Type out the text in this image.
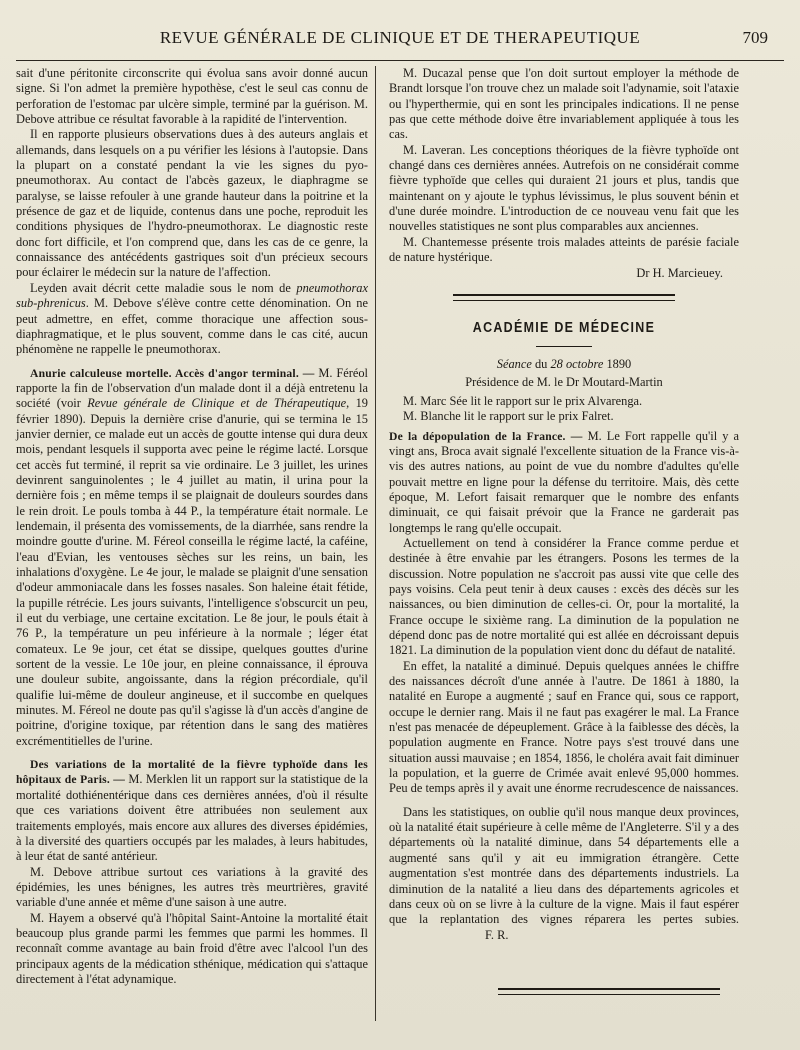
REVUE GÉNÉRALE DE CLINIQUE ET DE THERAPEUTIQUE	709

sait d'une péritonite circonscrite qui évolua sans avoir donné aucun signe. Si l'on admet la première hypothèse, c'est le seul cas connu de perforation de l'estomac par ulcère simple, terminé par la guérison. M. Debove attribue ce résultat favorable à la rapidité de l'intervention.

Il en rapporte plusieurs observations dues à des auteurs anglais et allemands, dans lesquels on a pu vérifier les lésions à l'autopsie. Dans la plupart on a constaté pendant la vie les signes du pyo-pneumothorax. Au contact de l'abcès gazeux, le diaphragme se paralyse, se laisse refouler à une grande hauteur dans la poitrine et la présence de gaz et de liquide, contenus dans une poche, reproduit les conditions physiques de l'hydro-pneumothorax. Le diagnostic reste donc fort difficile, et l'on comprend que, dans les cas de ce genre, la connaissance des antécédents gastriques soit d'un précieux secours pour éclairer le médecin sur la nature de l'affection.

Leyden avait décrit cette maladie sous le nom de pneumothorax sub-phrenicus. M. Debove s'élève contre cette dénomination. On ne peut admettre, en effet, comme thoracique une affection sous-diaphragmatique, et le plus souvent, comme dans le cas cité, aucun phénomène ne rappelle le pneumothorax.

Anurie calculeuse mortelle. Accès d'angor terminal. — M. Féréol rapporte la fin de l'observation d'un malade dont il a déjà entretenu la société (voir Revue générale de Clinique et de Thérapeutique, 19 février 1890). Depuis la dernière crise d'anurie, qui se termina le 15 janvier dernier, ce malade eut un accès de goutte intense qui dura deux mois, pendant lesquels il supporta avec peine le régime lacté. Lorsque cet accès fut terminé, il reprit sa vie ordinaire. Le 3 juillet, les urines devinrent sanguinolentes ; le 4 juillet au matin, il urina pour la dernière fois ; en même temps il se plaignait de douleurs sourdes dans le rein droit. Le pouls tomba à 44 P., la température était normale. Le lendemain, il présenta des vomissements, de la diarrhée, sans rendre la moindre goutte d'urine. M. Féreol conseilla le régime lacté, la caféine, l'eau d'Evian, les ventouses sèches sur les reins, un bain, les inhalations d'oxygène. Le 4e jour, le malade se plaignit d'une sensation d'odeur ammoniacale dans les fosses nasales. Son haleine était fétide, la pupille rétrécie. Les jours suivants, l'intelligence s'obscurcit un peu, il eut du verbiage, une certaine excitation. Le 8e jour, le pouls était à 76 P., la température un peu inférieure à la normale ; léger état comateux. Le 9e jour, cet état se dissipe, quelques gouttes d'urine sortent de la vessie. Le 10e jour, en pleine connaissance, il éprouva une douleur subite, angoissante, dans la région précordiale, qu'il qualifie lui-même de douleur angineuse, et il succombe en quelques minutes. M. Féreol ne doute pas qu'il s'agisse là d'un accès d'angine de poitrine, d'origine toxique, par rétention dans le sang des matières excrémentitielles de l'urine.

Des variations de la mortalité de la fièvre typhoïde dans les hôpitaux de Paris. — M. Merklen lit un rapport sur la statistique de la mortalité dothiénentérique dans ces dernières années, d'où il résulte que ces variations doivent être attribuées non seulement aux traitements employés, mais encore aux allures des diverses épidémies, à la diversité des quartiers occupés par les malades, à leurs habitudes, à leur état de santé antérieur.

M. Debove attribue surtout ces variations à la gravité des épidémies, les unes bénignes, les autres très meurtrières, gravité variable d'une année et même d'une saison à une autre.

M. Hayem a observé qu'à l'hôpital Saint-Antoine la mortalité était beaucoup plus grande parmi les femmes que parmi les hommes. Il reconnaît comme avantage au bain froid d'être avec l'alcool l'un des principaux agents de la médication sthénique, médication qui s'attaque directement à l'état adynamique.

M. Ducazal pense que l'on doit surtout employer la méthode de Brandt lorsque l'on trouve chez un malade soit l'adynamie, soit l'ataxie ou l'hyperthermie, qui en sont les principales indications. Il ne pense pas que cette méthode doive être invariablement appliquée à tous les cas.

M. Laveran. Les conceptions théoriques de la fièvre typhoïde ont changé dans ces dernières années. Autrefois on ne considérait comme fièvre typhoïde que celles qui duraient 21 jours et plus, tandis que maintenant on y ajoute le typhus lévissimus, le plus souvent bénin et d'une durée moindre. L'introduction de ce nouveau venu fait que les nouvelles statistiques ne sont plus comparables aux anciennes.

M. Chantemesse présente trois malades atteints de parésie faciale de nature hystérique.

Dr H. Marcieuey.
ACADÉMIE DE MÉDECINE
Séance du 28 octobre 1890
Présidence de M. le Dr Moutard-Martin

M. Marc Sée lit le rapport sur le prix Alvarenga.

M. Blanche lit le rapport sur le prix Falret.

De la dépopulation de la France. — M. Le Fort rappelle qu'il y a vingt ans, Broca avait signalé l'excellente situation de la France vis-à-vis des autres nations, au point de vue du nombre d'adultes qu'elle pouvait mettre en ligne pour la défense du territoire. Mais, dès cette époque, M. Lefort faisait remarquer que le nombre des enfants diminuait, ce qui faisait prévoir que la France ne garderait pas longtemps le rang qu'elle occupait.

Actuellement on tend à considérer la France comme perdue et destinée à être envahie par les étrangers. Posons les termes de la discussion. Notre population ne s'accroit pas aussi vite que celle des pays voisins. Cela peut tenir à deux causes : excès des décès sur les naissances, ou bien diminution de celles-ci. Or, pour la mortalité, la France occupe le sixième rang. La diminution de la population ne dépend donc pas de notre mortalité qui est allée en décroissant depuis 1821. La diminution de la population vient donc du défaut de natalité.

En effet, la natalité a diminué. Depuis quelques années le chiffre des naissances décroît d'une année à l'autre. De 1861 à 1880, la natalité en Europe a augmenté ; sauf en France qui, sous ce rapport, occupe le dernier rang. Mais il ne faut pas exagérer le mal. La France n'est pas menacée de dépeuplement. Grâce à la faiblesse des décès, la population augmente en France. Notre pays s'est trouvé dans une situation aussi mauvaise ; en 1854, 1856, le choléra avait fait diminuer la population, et la guerre de Crimée avait enlevé 95,000 hommes. Peu de temps après il y avait une énorme recrudescence de naissances.

Dans les statistiques, on oublie qu'il nous manque deux provinces, où la natalité était supérieure à celle même de l'Angleterre. S'il y a des départements où la natalité diminue, dans 54 départements elle a augmenté sans qu'il y ait eu immigration étrangère. Cette augmentation s'est montrée dans des départements industriels. La diminution de la natalité a lieu dans des départements agricoles et dans ceux où on se livre à la culture de la vigne. Mais il faut espérer que la replantation des vignes réparera les pertes subies.F. R.
